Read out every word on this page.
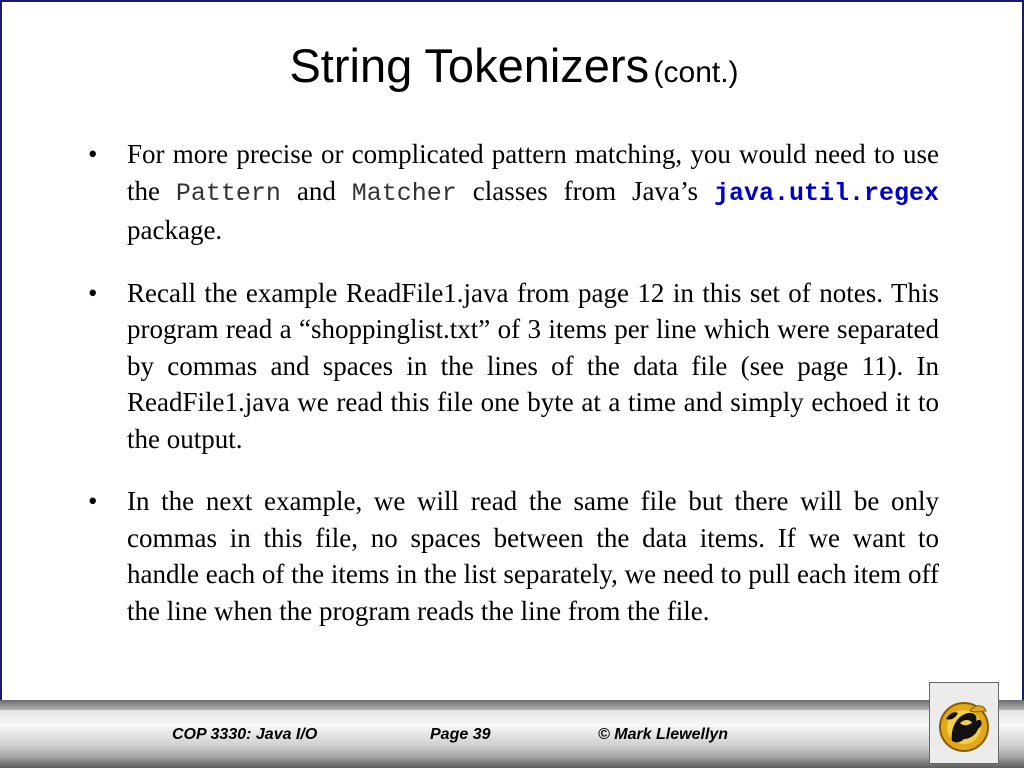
String Tokenizers (cont.)
• For more precise or complicated pattern matching, you would need to use the Pattern and Matcher classes from Java’s java.util.regex package.
• Recall the example ReadFile1.java from page 12 in this set of notes. This program read a “shoppinglist.txt” of 3 items per line which were separated by commas and spaces in the lines of the data file (see page 11). In ReadFile1.java we read this file one byte at a time and simply echoed it to the output.
• In the next example, we will read the same file but there will be only commas in this file, no spaces between the data items. If we want to handle each of the items in the list separately, we need to pull each item off the line when the program reads the line from the file.
COP 3330: Java I/O	Page 39	© Mark Llewellyn
